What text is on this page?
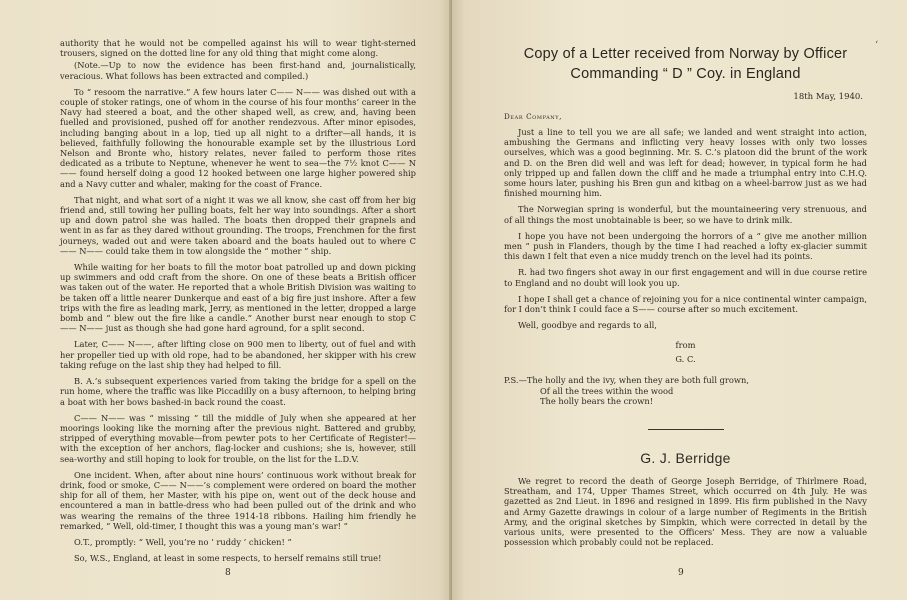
authority that he would not be compelled against his will to wear tight-sterned trousers, signed on the dotted line for any old thing that might come along.

(Note.—Up to now the evidence has been first-hand and, journalistically, veracious. What follows has been extracted and compiled.)

To “ resoom the narrative.” A few hours later C—— N—— was dished out with a couple of stoker ratings, one of whom in the course of his four months’ career in the Navy had steered a boat, and the other shaped well, as crew, and, having been fuelled and provisioned, pushed off for another rendezvous. After minor episodes, including banging about in a lop, tied up all night to a drifter—all hands, it is believed, faithfully following the honourable example set by the illustrious Lord Nelson and Bronte who, history relates, never failed to perform those rites dedicated as a tribute to Neptune, whenever he went to sea—the 7½ knot C—— N—— found herself doing a good 12 hooked between one large higher powered ship and a Navy cutter and whaler, making for the coast of France.

That night, and what sort of a night it was we all know, she cast off from her big friend and, still towing her pulling boats, felt her way into soundings. After a short up and down patrol she was hailed. The boats then dropped their grapnels and went in as far as they dared without grounding. The troops, Frenchmen for the first journeys, waded out and were taken aboard and the boats hauled out to where C—— N—— could take them in tow alongside the “ mother ” ship.

While waiting for her boats to fill the motor boat patrolled up and down picking up swimmers and odd craft from the shore. On one of these beats a British officer was taken out of the water. He reported that a whole British Division was waiting to be taken off a little nearer Dunkerque and east of a big fire just inshore. After a few trips with the fire as leading mark, Jerry, as mentioned in the letter, dropped a large bomb and “ blew out the fire like a candle.” Another burst near enough to stop C—— N—— just as though she had gone hard aground, for a split second.

Later, C—— N——, after lifting close on 900 men to liberty, out of fuel and with her propeller tied up with old rope, had to be abandoned, her skipper with his crew taking refuge on the last ship they had helped to fill.

B. A.’s subsequent experiences varied from taking the bridge for a spell on the run home, where the traffic was like Piccadilly on a busy afternoon, to helping bring a boat with her bows bashed-in back round the coast.

C—— N—— was “ missing ” till the middle of July when she appeared at her moorings looking like the morning after the previous night. Battered and grubby, stripped of everything movable—from pewter pots to her Certificate of Register!—with the exception of her anchors, flag-locker and cushions; she is, however, still sea-worthy and still hoping to look for trouble, on the list for the L.D.V.

One incident. When, after about nine hours’ continuous work without break for drink, food or smoke, C—— N——’s complement were ordered on board the mother ship for all of them, her Master, with his pipe on, went out of the deck house and encountered a man in battle-dress who had been pulled out of the drink and who was wearing the remains of the three 1914-18 ribbons. Hailing him friendly he remarked, “ Well, old-timer, I thought this was a young man’s war! ”

O.T., promptly: “ Well, you’re no ‘ ruddy ’ chicken! ”

So, W.S., England, at least in some respects, to herself remains still true!

8
Copy of a Letter received from Norway by Officer Commanding “ D ” Coy. in England
18th May, 1940.
Dear Company,

Just a line to tell you we are all safe; we landed and went straight into action, ambushing the Germans and inflicting very heavy losses with only two losses ourselves, which was a good beginning. Mr. S. C.’s platoon did the brunt of the work and D. on the Bren did well and was left for dead; however, in typical form he had only tripped up and fallen down the cliff and he made a triumphal entry into C.H.Q. some hours later, pushing his Bren gun and kitbag on a wheel-barrow just as we had finished mourning him.

The Norwegian spring is wonderful, but the mountaineering very strenuous, and of all things the most unobtainable is beer, so we have to drink milk.

I hope you have not been undergoing the horrors of a “ give me another million men ” push in Flanders, though by the time I had reached a lofty ex-glacier summit this dawn I felt that even a nice muddy trench on the level had its points.

R. had two fingers shot away in our first engagement and will in due course retire to England and no doubt will look you up.

I hope I shall get a chance of rejoining you for a nice continental winter campaign, for I don’t think I could face a S—— course after so much excitement.

Well, goodbye and regards to all,

from
G. C.
P.S.—The holly and the ivy, when they are both full grown,
Of all the trees within the wood
The holly bears the crown!
G. J. Berridge

We regret to record the death of George Joseph Berridge, of Thirlmere Road, Streatham, and 174, Upper Thames Street, which occurred on 4th July. He was gazetted as 2nd Lieut. in 1896 and resigned in 1899. His firm published in the Navy and Army Gazette drawings in colour of a large number of Regiments in the British Army, and the original sketches by Simpkin, which were corrected in detail by the various units, were presented to the Officers’ Mess. They are now a valuable possession which probably could not be replaced.

9
‘
